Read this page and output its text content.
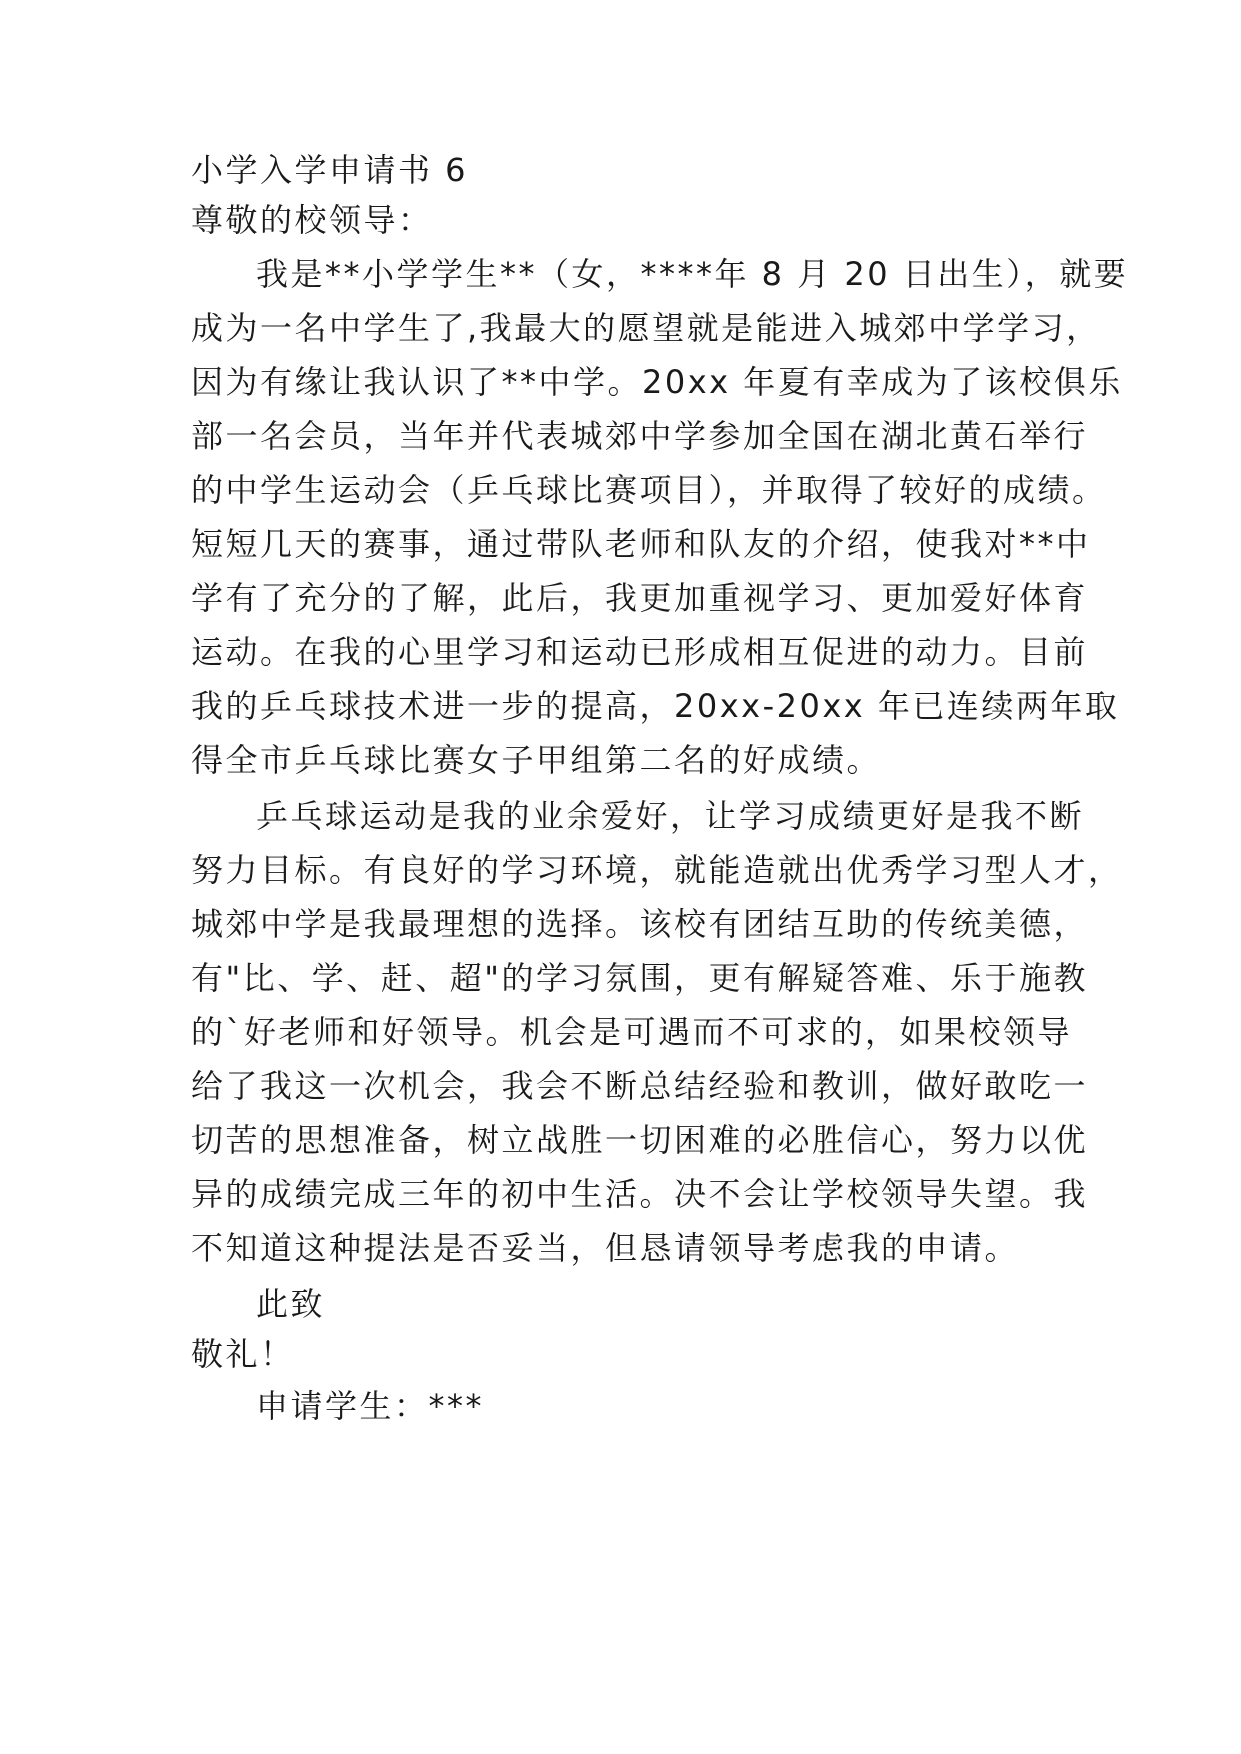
小学入学申请书 6

尊敬的校领导：

我是**小学学生**（女，****年 8 月 20 日出生），就要

成为一名中学生了,我最大的愿望就是能进入城郊中学学习，

因为有缘让我认识了**中学。20xx 年夏有幸成为了该校俱乐

部一名会员，当年并代表城郊中学参加全国在湖北黄石举行

的中学生运动会（乒乓球比赛项目），并取得了较好的成绩。

短短几天的赛事，通过带队老师和队友的介绍，使我对**中

学有了充分的了解，此后，我更加重视学习、更加爱好体育

运动。在我的心里学习和运动已形成相互促进的动力。目前

我的乒乓球技术进一步的提高，20xx-20xx 年已连续两年取

得全市乒乓球比赛女子甲组第二名的好成绩。

乒乓球运动是我的业余爱好，让学习成绩更好是我不断

努力目标。有良好的学习环境，就能造就出优秀学习型人才，

城郊中学是我最理想的选择。该校有团结互助的传统美德，

有"比、学、赶、超"的学习氛围，更有解疑答难、乐于施教

的`好老师和好领导。机会是可遇而不可求的，如果校领导

给了我这一次机会，我会不断总结经验和教训，做好敢吃一

切苦的思想准备，树立战胜一切困难的必胜信心，努力以优

异的成绩完成三年的初中生活。决不会让学校领导失望。我

不知道这种提法是否妥当，但恳请领导考虑我的申请。

此致

敬礼！

申请学生：***
